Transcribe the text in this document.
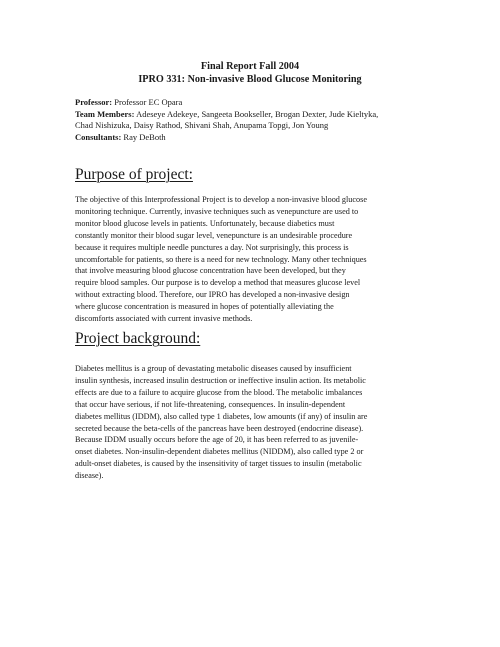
Final Report Fall 2004
IPRO 331: Non-invasive Blood Glucose Monitoring
Professor: Professor EC Opara
Team Members: Adeseye Adekeye, Sangeeta Bookseller, Brogan Dexter, Jude Kieltyka,
Chad Nishizuka, Daisy Rathod, Shivani Shah, Anupama Topgi, Jon Young
Consultants: Ray DeBoth
Purpose of project:
The objective of this Interprofessional Project is to develop a non-invasive blood glucose
monitoring technique. Currently, invasive techniques such as venepuncture are used to
monitor blood glucose levels in patients. Unfortunately, because diabetics must
constantly monitor their blood sugar level, venepuncture is an undesirable procedure
because it requires multiple needle punctures a day. Not surprisingly, this process is
uncomfortable for patients, so there is a need for new technology. Many other techniques
that involve measuring blood glucose concentration have been developed, but they
require blood samples. Our purpose is to develop a method that measures glucose level
without extracting blood. Therefore, our IPRO has developed a non-invasive design
where glucose concentration is measured in hopes of potentially alleviating the
discomforts associated with current invasive methods.
Project background:
Diabetes mellitus is a group of devastating metabolic diseases caused by insufficient
insulin synthesis, increased insulin destruction or ineffective insulin action. Its metabolic
effects are due to a failure to acquire glucose from the blood. The metabolic imbalances
that occur have serious, if not life-threatening, consequences. In insulin-dependent
diabetes mellitus (IDDM), also called type 1 diabetes, low amounts (if any) of insulin are
secreted because the beta-cells of the pancreas have been destroyed (endocrine disease).
Because IDDM usually occurs before the age of 20, it has been referred to as juvenile-
onset diabetes. Non-insulin-dependent diabetes mellitus (NIDDM), also called type 2 or
adult-onset diabetes, is caused by the insensitivity of target tissues to insulin (metabolic
disease).
